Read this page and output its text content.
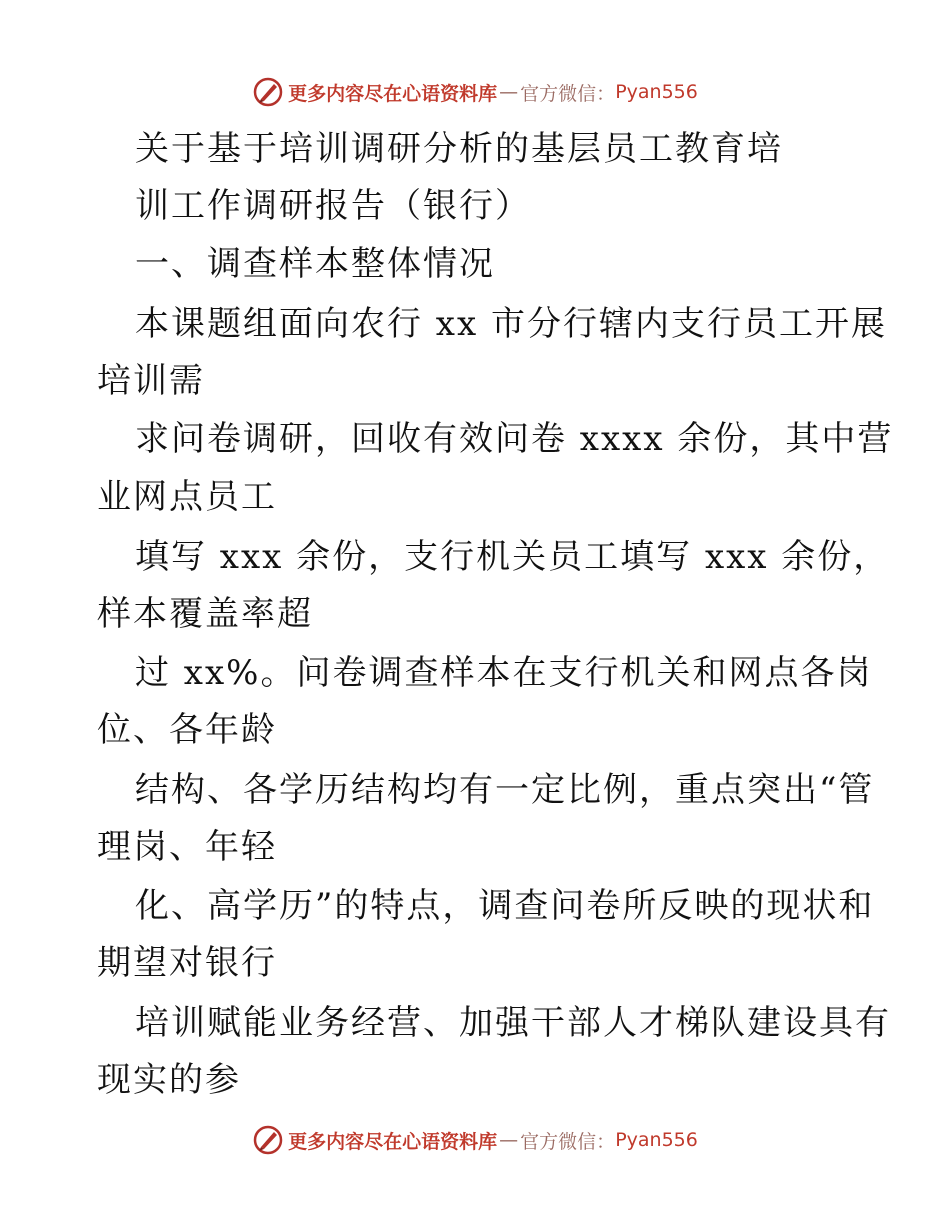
更多内容尽在心语资料库 — 官方微信： Pyan556
关于基于培训调研分析的基层员工教育培
训工作调研报告（银行）
一、调查样本整体情况
本课题组面向农行 xx 市分行辖内支行员工开展
培训需
求问卷调研，回收有效问卷 xxxx 余份，其中营
业网点员工
填写 xxx 余份，支行机关员工填写 xxx 余份，
样本覆盖率超
过 xx%。问卷调查样本在支行机关和网点各岗
位、各年龄
结构、各学历结构均有一定比例，重点突出“管
理岗、年轻
化、高学历”的特点，调查问卷所反映的现状和
期望对银行
培训赋能业务经营、加强干部人才梯队建设具有
现实的参
更多内容尽在心语资料库 — 官方微信： Pyan556
